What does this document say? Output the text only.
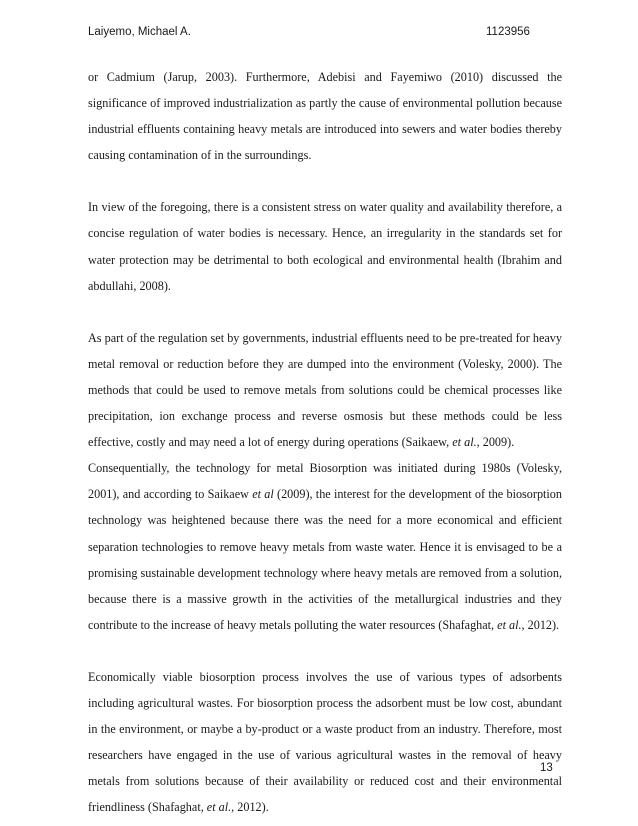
Laiyemo, Michael A.	1123956

or Cadmium (Jarup, 2003). Furthermore, Adebisi and Fayemiwo (2010) discussed the significance of improved industrialization as partly the cause of environmental pollution because industrial effluents containing heavy metals are introduced into sewers and water bodies thereby causing contamination of in the surroundings.

In view of the foregoing, there is a consistent stress on water quality and availability therefore, a concise regulation of water bodies is necessary. Hence, an irregularity in the standards set for water protection may be detrimental to both ecological and environmental health (Ibrahim and abdullahi, 2008).

As part of the regulation set by governments, industrial effluents need to be pre-treated for heavy metal removal or reduction before they are dumped into the environment (Volesky, 2000). The methods that could be used to remove metals from solutions could be chemical processes like precipitation, ion exchange process and reverse osmosis but these methods could be less effective, costly and may need a lot of energy during operations (Saikaew, et al., 2009).

Consequentially, the technology for metal Biosorption was initiated during 1980s (Volesky, 2001), and according to Saikaew et al (2009), the interest for the development of the biosorption technology was heightened because there was the need for a more economical and efficient separation technologies to remove heavy metals from waste water. Hence it is envisaged to be a promising sustainable development technology where heavy metals are removed from a solution, because there is a massive growth in the activities of the metallurgical industries and they contribute to the increase of heavy metals polluting the water resources (Shafaghat, et al., 2012).

Economically viable biosorption process involves the use of various types of adsorbents including agricultural wastes. For biosorption process the adsorbent must be low cost, abundant in the environment, or maybe a by-product or a waste product from an industry. Therefore, most researchers have engaged in the use of various agricultural wastes in the removal of heavy metals from solutions because of their availability or reduced cost and their environmental friendliness (Shafaghat, et al., 2012).

13
